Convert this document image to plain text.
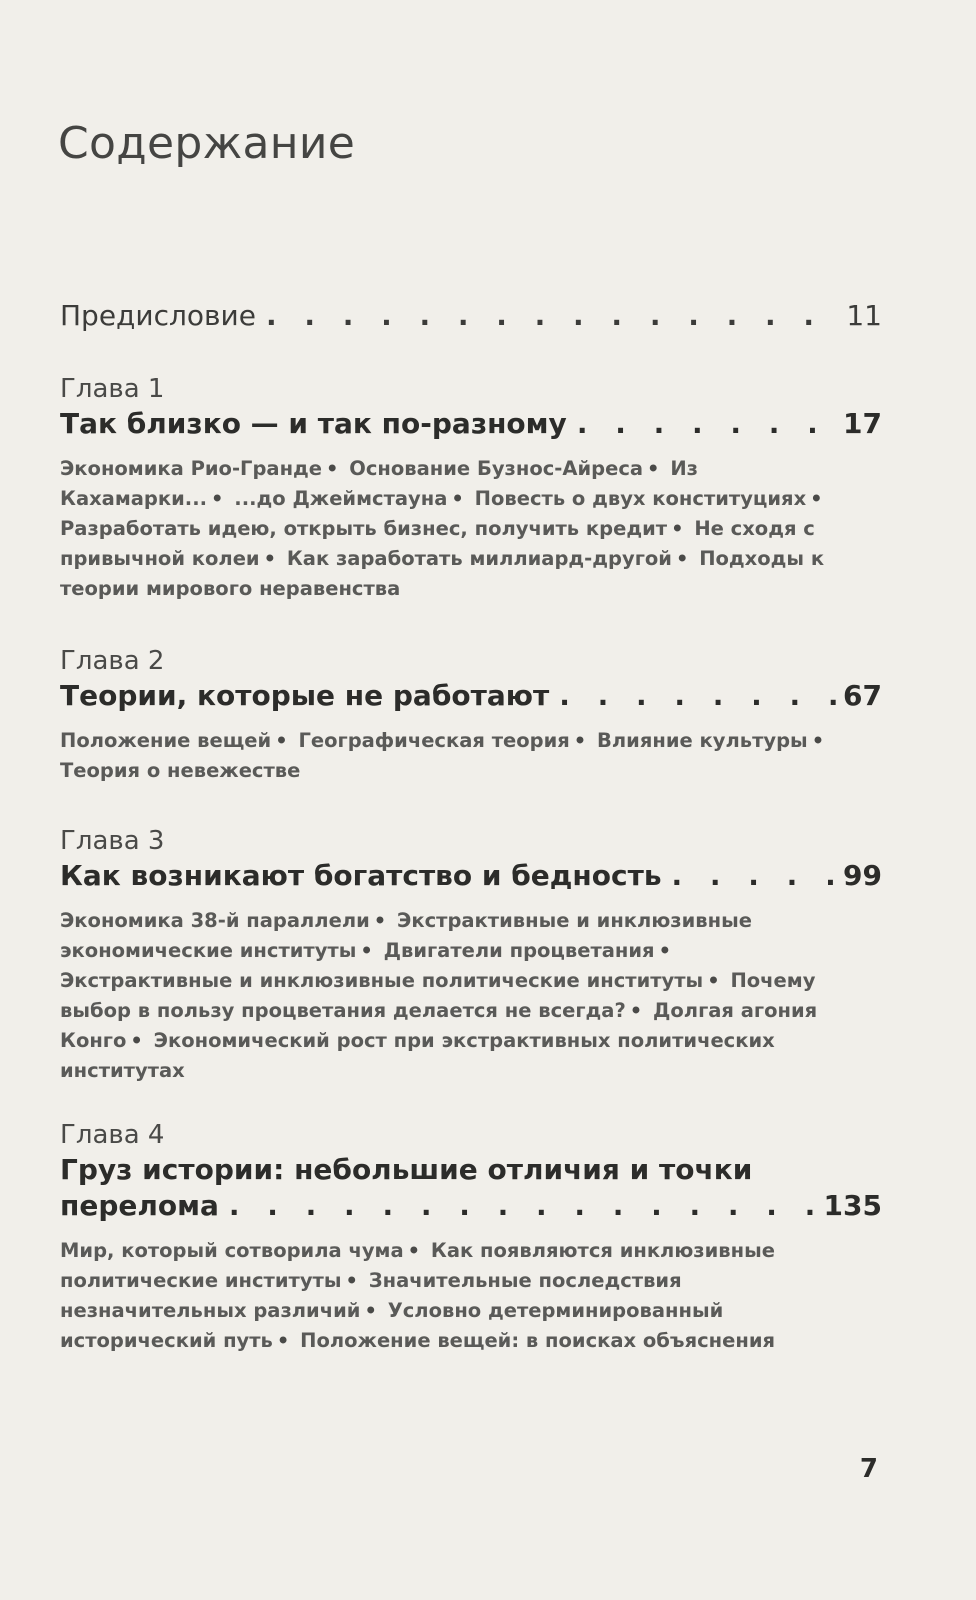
Содержание
Предисловие . . .	11
Глава 1
Так близко — и так по-разному . . .	17
Экономика Рио-Гранде • Основание Бузнос-Айреса • Из Кахамарки... • ...до Джеймстауна • Повесть о двух конституциях • Разработать идею, открыть бизнес, получить кредит • Не сходя с привычной колеи • Как заработать миллиард-другой • Подходы к теории мирового неравенства
Глава 2
Теории, которые не работают . . .	67
Положение вещей • Географическая теория • Влияние культуры • Теория о невежестве
Глава 3
Как возникают богатство и бедность . . .	99
Экономика 38-й параллели • Экстрактивные и инклюзивные экономические институты • Двигатели процветания • Экстрактивные и инклюзивные политические институты • Почему выбор в пользу процветания делается не всегда? • Долгая агония Конго • Экономический рост при экстрактивных политических институтах
Глава 4
Груз истории: небольшие отличия и точки
перелома . . .	135
Мир, который сотворила чума • Как появляются инклюзивные политические институты • Значительные последствия незначительных различий • Условно детерминированный исторический путь • Положение вещей: в поисках объяснения
7
